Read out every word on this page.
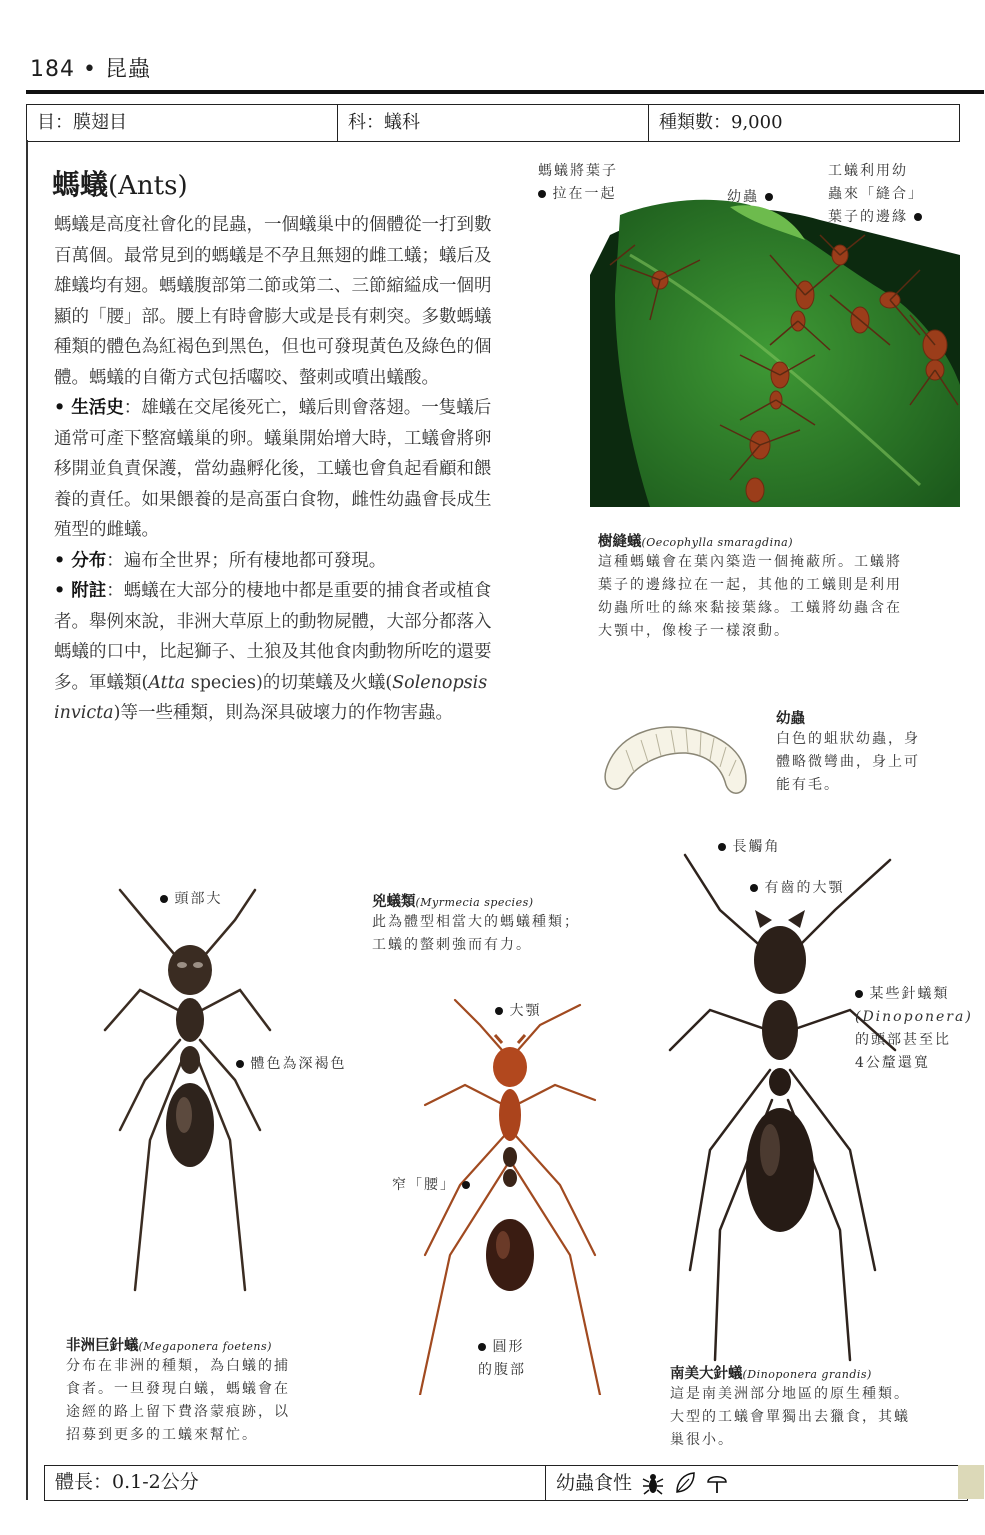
184 • 昆蟲
目：膜翅目	科：蟻科	種類數：9,000
螞蟻(Ants)

螞蟻是高度社會化的昆蟲，一個蟻巢中的個體從一打到數百萬個。最常見到的螞蟻是不孕且無翅的雌工蟻；蟻后及雄蟻均有翅。螞蟻腹部第二節或第二、三節縮縊成一個明顯的「腰」部。腰上有時會膨大或是長有刺突。多數螞蟻種類的體色為紅褐色到黑色，但也可發現黃色及綠色的個體。螞蟻的自衛方式包括囓咬、螫刺或噴出蟻酸。

• 生活史：雄蟻在交尾後死亡，蟻后則會落翅。一隻蟻后通常可產下整窩蟻巢的卵。蟻巢開始增大時，工蟻會將卵移開並負責保護，當幼蟲孵化後，工蟻也會負起看顧和餵養的責任。如果餵養的是高蛋白食物，雌性幼蟲會長成生殖型的雌蟻。

• 分布：遍布全世界；所有棲地都可發現。

• 附註：螞蟻在大部分的棲地中都是重要的捕食者或植食者。舉例來說，非洲大草原上的動物屍體，大部分都落入螞蟻的口中，比起獅子、土狼及其他食肉動物所吃的還要多。軍蟻類(Atta species)的切葉蟻及火蟻(Solenopsis invicta)等一些種類，則為深具破壞力的作物害蟲。

螞蟻將葉子
拉在一起	幼蟲
工蟻利用幼
蟲來「縫合」
葉子的邊緣
樹縫蟻(Oecophylla smaragdina)
這種螞蟻會在葉內築造一個掩蔽所。工蟻將
葉子的邊緣拉在一起，其他的工蟻則是利用
幼蟲所吐的絲來黏接葉緣。工蟻將幼蟲含在
大顎中，像梭子一樣滾動。
幼蟲
白色的蛆狀幼蟲，身
體略微彎曲，身上可
能有毛。
頭部大
體色為深褐色
非洲巨針蟻(Megaponera foetens)
分布在非洲的種類，為白蟻的捕
食者。一旦發現白蟻，螞蟻會在
途經的路上留下費洛蒙痕跡，以
招募到更多的工蟻來幫忙。
兇蟻類(Myrmecia species)
此為體型相當大的螞蟻種類；
工蟻的螫刺強而有力。
大顎
窄「腰」
圓形
的腹部
長觸角
有齒的大顎
某些針蟻類
(Dinoponera)
的頭部甚至比
4公釐還寬
南美大針蟻(Dinoponera grandis)
這是南美洲部分地區的原生種類。
大型的工蟻會單獨出去獵食，其蟻
巢很小。
體長：0.1-2公分	幼蟲食性
